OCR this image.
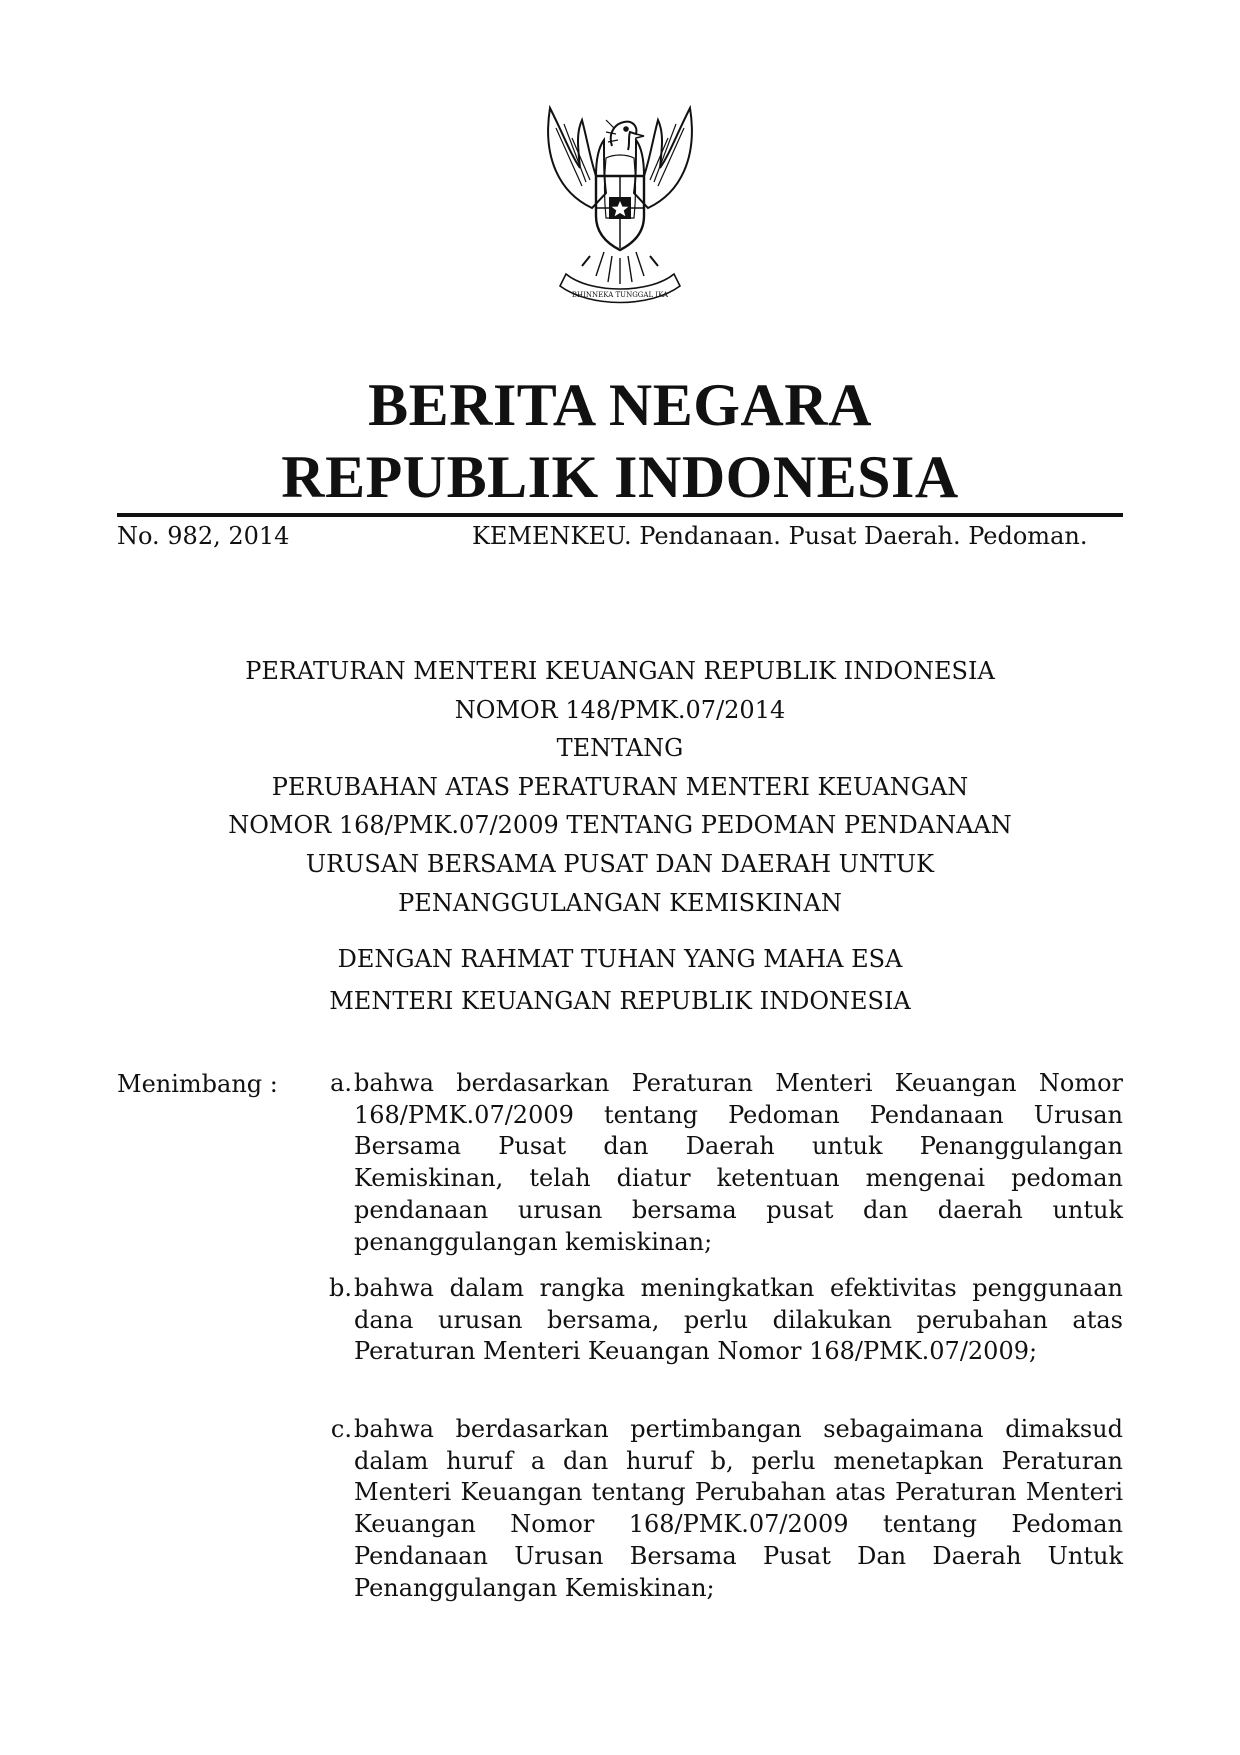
BHINNEKA TUNGGAL IKA
BERITA NEGARA
REPUBLIK INDONESIA
No. 982, 2014	KEMENKEU. Pendanaan. Pusat Daerah. Pedoman.
PERATURAN MENTERI KEUANGAN REPUBLIK INDONESIA
NOMOR 148/PMK.07/2014
TENTANG
PERUBAHAN ATAS PERATURAN MENTERI KEUANGAN
NOMOR 168/PMK.07/2009 TENTANG PEDOMAN PENDANAAN
URUSAN BERSAMA PUSAT DAN DAERAH UNTUK
PENANGGULANGAN KEMISKINAN
DENGAN RAHMAT TUHAN YANG MAHA ESA
MENTERI KEUANGAN REPUBLIK INDONESIA
Menimbang :	a. bahwa berdasarkan Peraturan Menteri Keuangan Nomor 168/PMK.07/2009 tentang Pedoman Pendanaan Urusan Bersama Pusat dan Daerah untuk Penanggulangan Kemiskinan, telah diatur ketentuan mengenai pedoman pendanaan urusan bersama pusat dan daerah untuk penanggulangan kemiskinan;
b. bahwa dalam rangka meningkatkan efektivitas penggunaan dana urusan bersama, perlu dilakukan perubahan atas Peraturan Menteri Keuangan Nomor 168/PMK.07/2009;
c. bahwa berdasarkan pertimbangan sebagaimana dimaksud dalam huruf a dan huruf b, perlu menetapkan Peraturan Menteri Keuangan tentang Perubahan atas Peraturan Menteri Keuangan Nomor 168/PMK.07/2009 tentang Pedoman Pendanaan Urusan Bersama Pusat Dan Daerah Untuk Penanggulangan Kemiskinan;
